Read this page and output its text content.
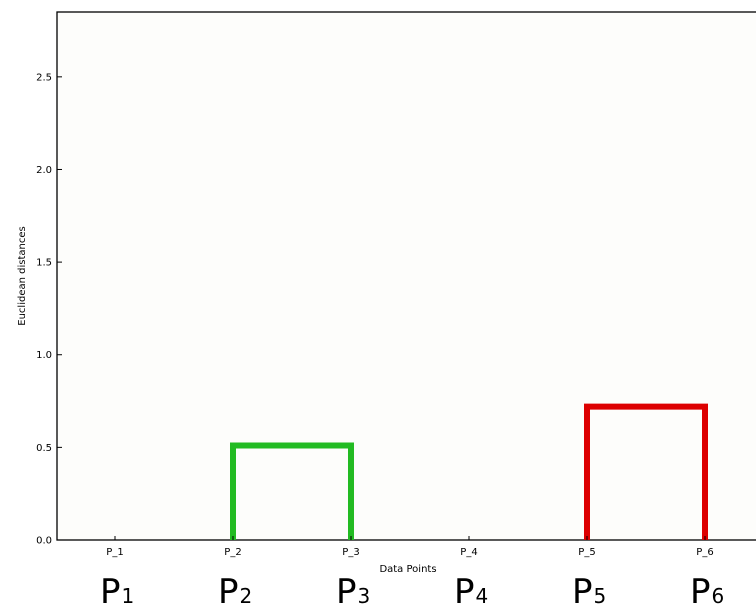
0.0
0.5
1.0
1.5
2.0
2.5
P_1	P_2	P_3	P_4	P_5	P_6
P1 P2 P3 P4 P5 P6
Data Points
Euclidean distances
